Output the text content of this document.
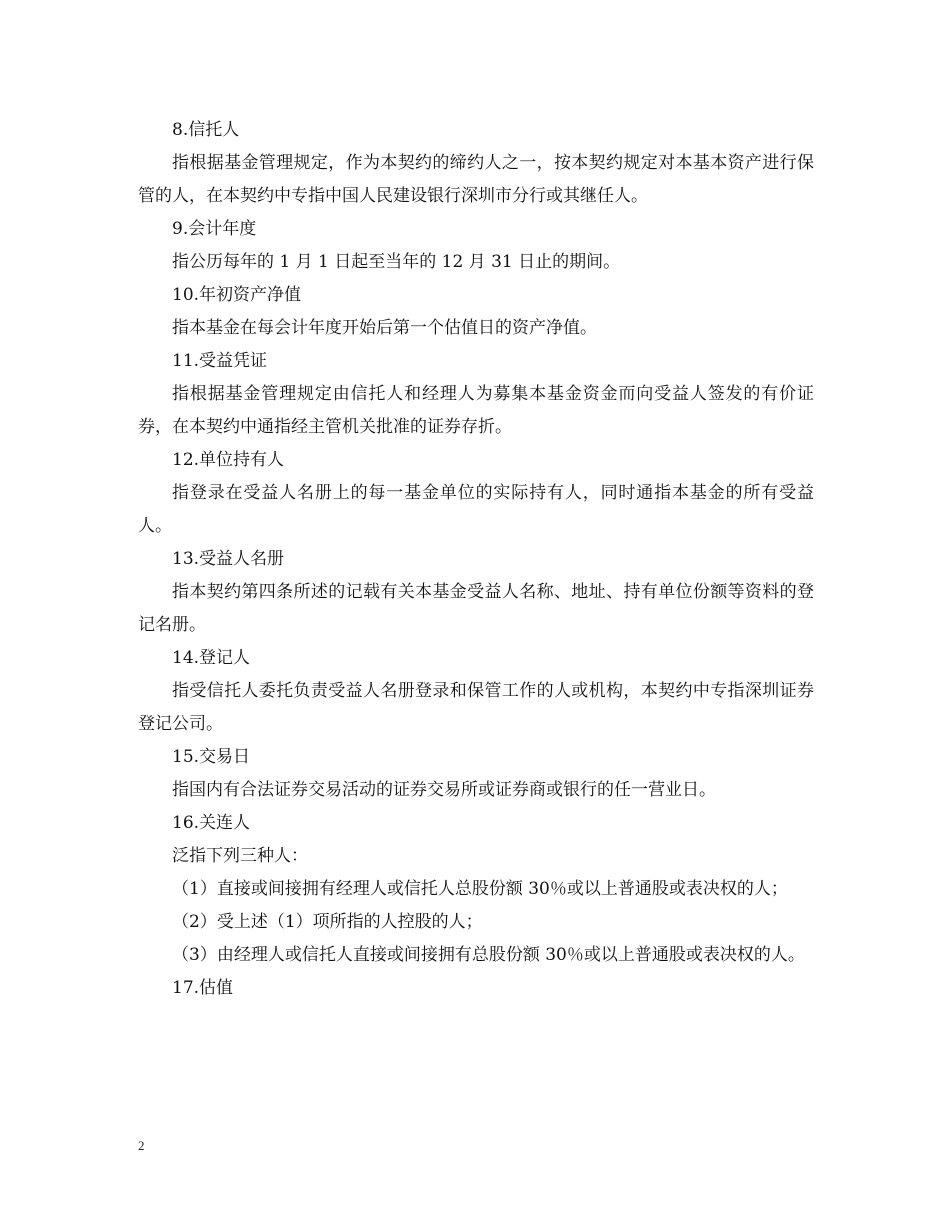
8.信托人

指根据基金管理规定，作为本契约的缔约人之一，按本契约规定对本基本资产进行保管的人，在本契约中专指中国人民建设银行深圳市分行或其继任人。

9.会计年度

指公历每年的 1 月 1 日起至当年的 12 月 31 日止的期间。

10.年初资产净值

指本基金在每会计年度开始后第一个估值日的资产净值。

11.受益凭证

指根据基金管理规定由信托人和经理人为募集本基金资金而向受益人签发的有价证券，在本契约中通指经主管机关批准的证券存折。

12.单位持有人

指登录在受益人名册上的每一基金单位的实际持有人，同时通指本基金的所有受益人。

13.受益人名册

指本契约第四条所述的记载有关本基金受益人名称、地址、持有单位份额等资料的登记名册。

14.登记人

指受信托人委托负责受益人名册登录和保管工作的人或机构，本契约中专指深圳证券登记公司。

15.交易日

指国内有合法证券交易活动的证券交易所或证券商或银行的任一营业日。

16.关连人

泛指下列三种人：

（1）直接或间接拥有经理人或信托人总股份额 30％或以上普通股或表决权的人；

（2）受上述（1）项所指的人控股的人；

（3）由经理人或信托人直接或间接拥有总股份额 30％或以上普通股或表决权的人。

17.估值

2
